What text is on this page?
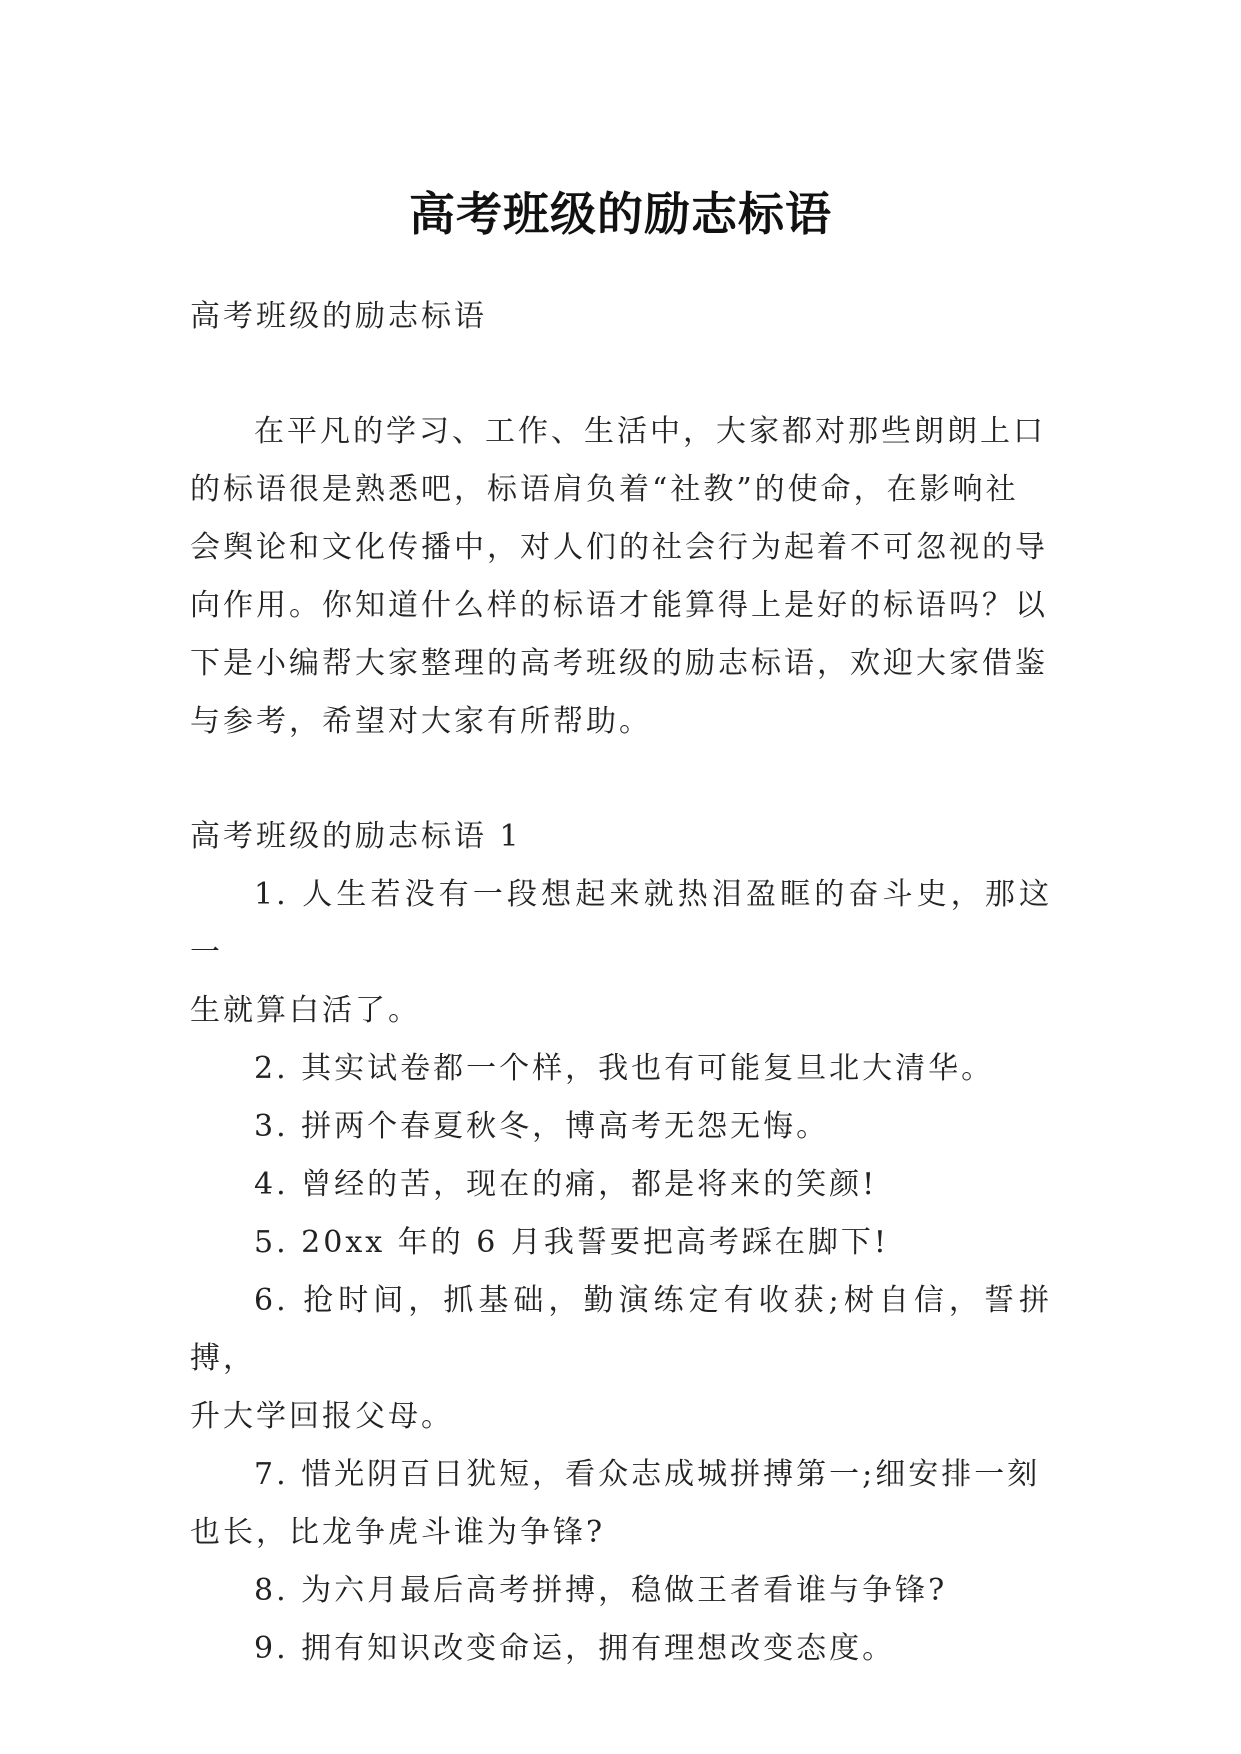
高考班级的励志标语

高考班级的励志标语

在平凡的学习、工作、生活中，大家都对那些朗朗上口
的标语很是熟悉吧，标语肩负着“社教”的使命，在影响社
会舆论和文化传播中，对人们的社会行为起着不可忽视的导
向作用。你知道什么样的标语才能算得上是好的标语吗？以
下是小编帮大家整理的高考班级的励志标语，欢迎大家借鉴
与参考，希望对大家有所帮助。

高考班级的励志标语 1

1. 人生若没有一段想起来就热泪盈眶的奋斗史，那这一
生就算白活了。

2. 其实试卷都一个样，我也有可能复旦北大清华。

3. 拼两个春夏秋冬，博高考无怨无悔。

4. 曾经的苦，现在的痛，都是将来的笑颜!

5. 20xx 年的 6 月我誓要把高考踩在脚下!

6. 抢时间，抓基础，勤演练定有收获;树自信，誓拼搏，
升大学回报父母。

7. 惜光阴百日犹短，看众志成城拼搏第一;细安排一刻
也长，比龙争虎斗谁为争锋?

8. 为六月最后高考拼搏，稳做王者看谁与争锋?

9. 拥有知识改变命运，拥有理想改变态度。
